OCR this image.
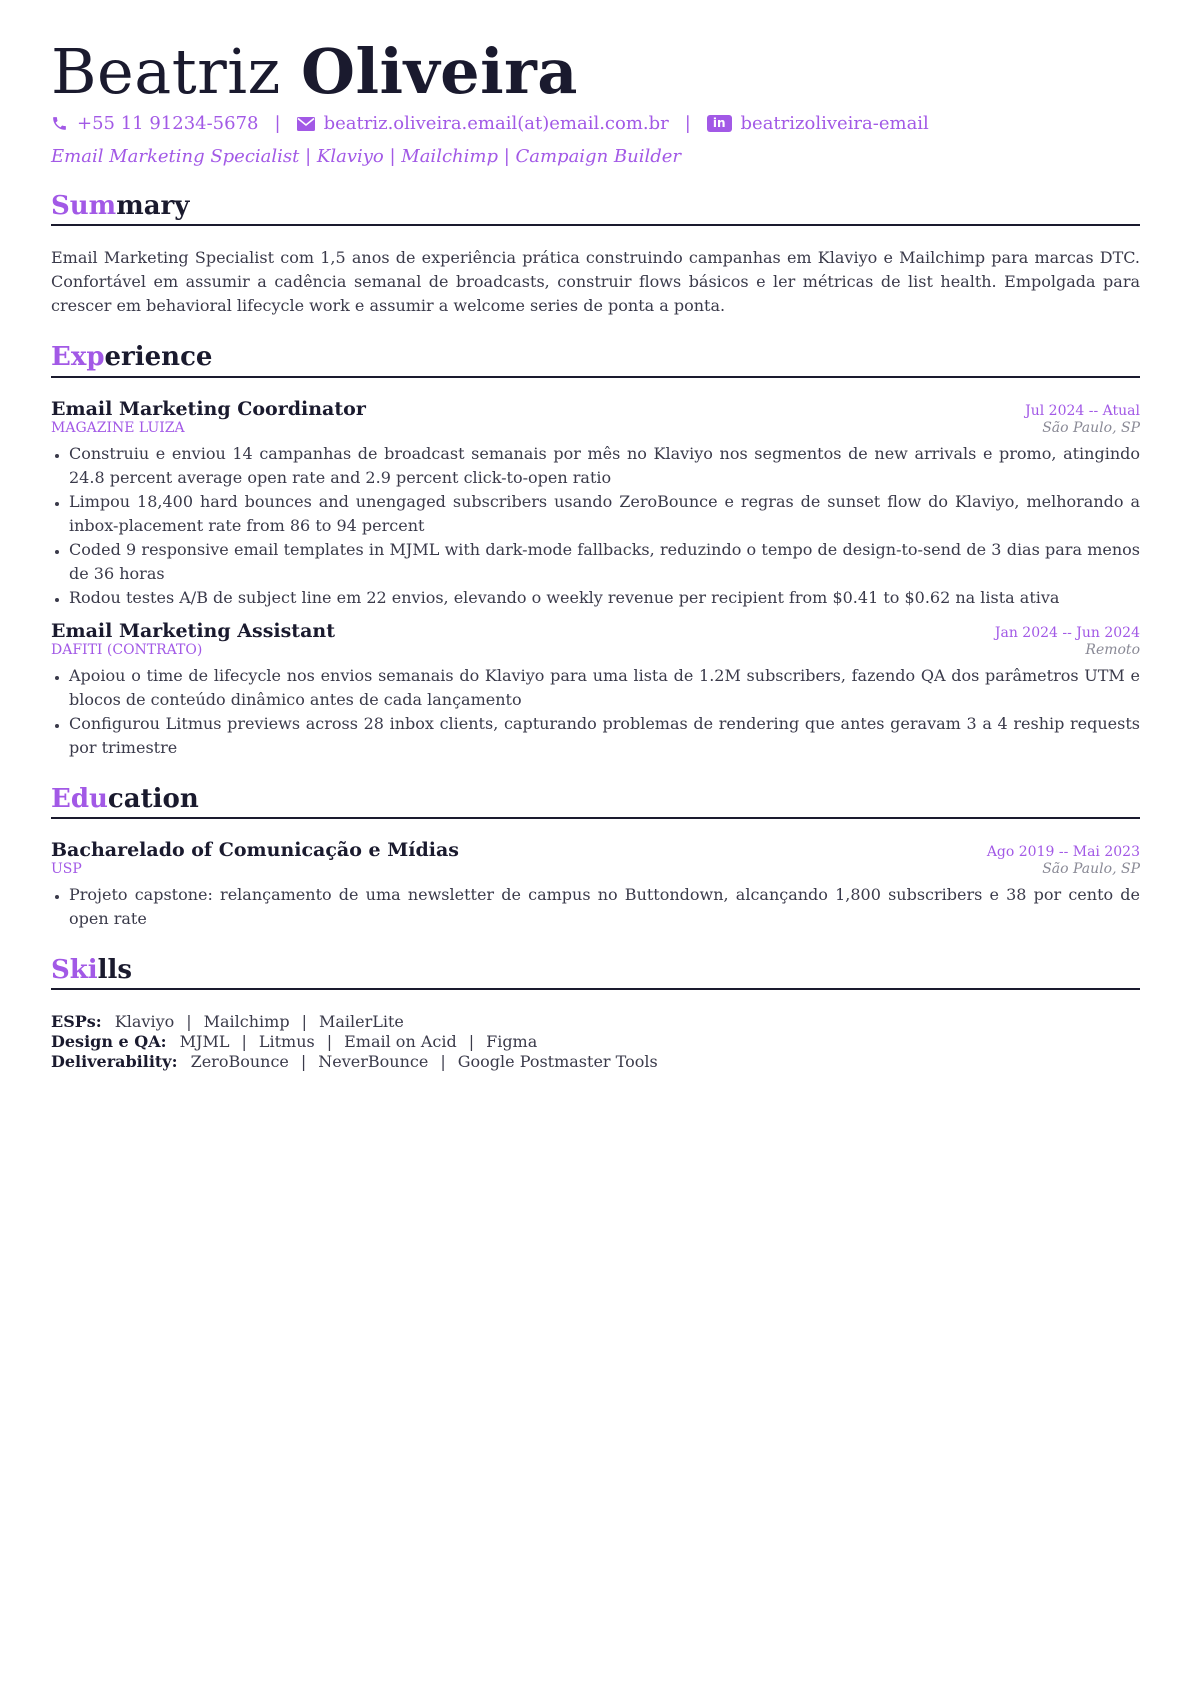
Beatriz Oliveira
+55 11 91234-5678 | beatriz.oliveira.email(at)email.com.br |	in beatrizoliveira-email
Email Marketing Specialist | Klaviyo | Mailchimp | Campaign Builder
Summary

Email Marketing Specialist com 1,5 anos de experiência prática construindo campanhas em Klaviyo e Mailchimp para marcas DTC. Confortável em assumir a cadência semanal de broadcasts, construir flows básicos e ler métricas de list health. Empolgada para crescer em behavioral lifecycle work e assumir a welcome series de ponta a ponta.

Experience
Email Marketing Coordinator	Jul 2024 -- Atual
MAGAZINE LUIZA	São Paulo, SP
• Construiu e enviou 14 campanhas de broadcast semanais por mês no Klaviyo nos segmentos de new arrivals e promo, atingindo 24.8 percent average open rate and 2.9 percent click-to-open ratio
• Limpou 18,400 hard bounces and unengaged subscribers usando ZeroBounce e regras de sunset flow do Klaviyo, melhorando a inbox-placement rate from 86 to 94 percent
• Coded 9 responsive email templates in MJML with dark-mode fallbacks, reduzindo o tempo de design-to-send de 3 dias para menos de 36 horas
• Rodou testes A/B de subject line em 22 envios, elevando o weekly revenue per recipient from $0.41 to $0.62 na lista ativa
Email Marketing Assistant	Jan 2024 -- Jun 2024
DAFITI (CONTRATO)	Remoto
• Apoiou o time de lifecycle nos envios semanais do Klaviyo para uma lista de 1.2M subscribers, fazendo QA dos parâmetros UTM e blocos de conteúdo dinâmico antes de cada lançamento
• Configurou Litmus previews across 28 inbox clients, capturando problemas de rendering que antes geravam 3 a 4 reship requests por trimestre
Education
Bacharelado of Comunicação e Mídias	Ago 2019 -- Mai 2023
USP	São Paulo, SP
• Projeto capstone: relançamento de uma newsletter de campus no Buttondown, alcançando 1,800 subscribers e 38 por cento de open rate
Skills
ESPs: Klaviyo | Mailchimp | MailerLite
Design e QA: MJML | Litmus | Email on Acid | Figma
Deliverability: ZeroBounce | NeverBounce | Google Postmaster Tools
